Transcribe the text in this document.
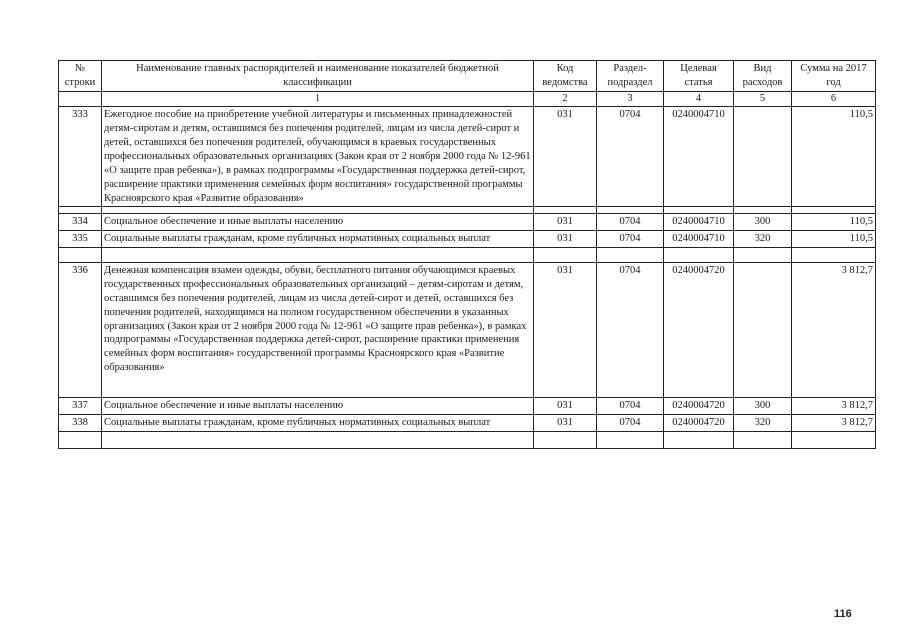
№ строки	Наименование главных распорядителей и наименование показателей бюджетной классификации	Код ведомства	Раздел-подраздел	Целевая статья	Вид расходов	Сумма на 2017 год
	1	2	3	4	5	6
333	Ежегодное пособие на приобретение учебной литературы и письменных принадлежностей детям-сиротам и детям, оставшимся без попечения родителей, лицам из числа детей-сирот и детей, оставшихся без попечения родителей, обучающимся в краевых государственных профессиональных образовательных организациях (Закон края от 2 ноября 2000 года № 12-961 «О защите прав ребенка»), в рамках подпрограммы «Государственная поддержка детей-сирот, расширение практики применения семейных форм воспитания» государственной программы Красноярского края «Развитие образования»	031	0704	0240004710		110,5

334	Социальное обеспечение и иные выплаты населению	031	0704	0240004710	300	110,5
335	Социальные выплаты гражданам, кроме публичных нормативных социальных выплат	031	0704	0240004710	320	110,5

336	Денежная компенсация взамен одежды, обуви, бесплатного питания обучающимся краевых государственных профессиональных образовательных организаций – детям-сиротам и детям, оставшимся без попечения родителей, лицам из числа детей-сирот и детей, оставшихся без попечения родителей, находящимся на полном государственном обеспечении в указанных организациях (Закон края от 2 ноября 2000 года № 12-961 «О защите прав ребенка»), в рамках подпрограммы «Государственная поддержка детей-сирот, расширение практики применения семейных форм воспитания» государственной программы Красноярского края «Развитие образования»	031	0704	0240004720		3 812,7
337	Социальное обеспечение и иные выплаты населению	031	0704	0240004720	300	3 812,7
338	Социальные выплаты гражданам, кроме публичных нормативных социальных выплат	031	0704	0240004720	320	3 812,7

116
